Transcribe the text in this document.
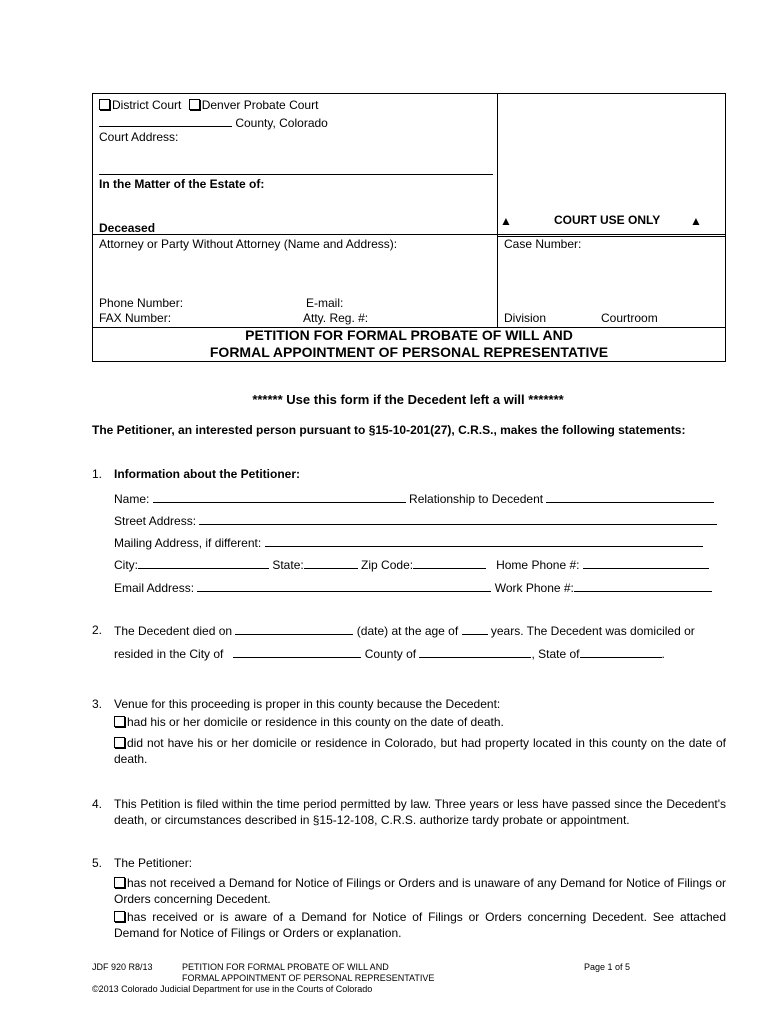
District Court Denver Probate Court
County, Colorado
Court Address:
In the Matter of the Estate of:
Deceased
Attorney or Party Without Attorney (Name and Address):
Phone Number:	E-mail:
FAX Number:	Atty. Reg. #:
▲	COURT USE ONLY ▲
Case Number:
Division	Courtroom
PETITION FOR FORMAL PROBATE OF WILL AND
FORMAL APPOINTMENT OF PERSONAL REPRESENTATIVE
****** Use this form if the Decedent left a will *******
The Petitioner, an interested person pursuant to §15-10-201(27), C.R.S., makes the following statements:
1. Information about the Petitioner:
Name:	Relationship to Decedent
Street Address:
Mailing Address, if different:
City:	State:	Zip Code:	Home Phone #:
Email Address:	Work Phone #:
2. The Decedent died on	(date) at the age of	years. The Decedent was domiciled or
resided in the City of	County of	, State of	.
3. Venue for this proceeding is proper in this county because the Decedent:
had his or her domicile or residence in this county on the date of death.
did not have his or her domicile or residence in Colorado, but had property located in this county on the date of death.
4. This Petition is filed within the time period permitted by law. Three years or less have passed since the Decedent's death, or circumstances described in §15-12-108, C.R.S. authorize tardy probate or appointment.
5. The Petitioner:
has not received a Demand for Notice of Filings or Orders and is unaware of any Demand for Notice of Filings or Orders concerning Decedent.
has received or is aware of a Demand for Notice of Filings or Orders concerning Decedent. See attached Demand for Notice of Filings or Orders or explanation.
JDF 920 R8/13	PETITION FOR FORMAL PROBATE OF WILL AND
FORMAL APPOINTMENT OF PERSONAL REPRESENTATIVE
Page 1 of 5
©2013 Colorado Judicial Department for use in the Courts of Colorado
